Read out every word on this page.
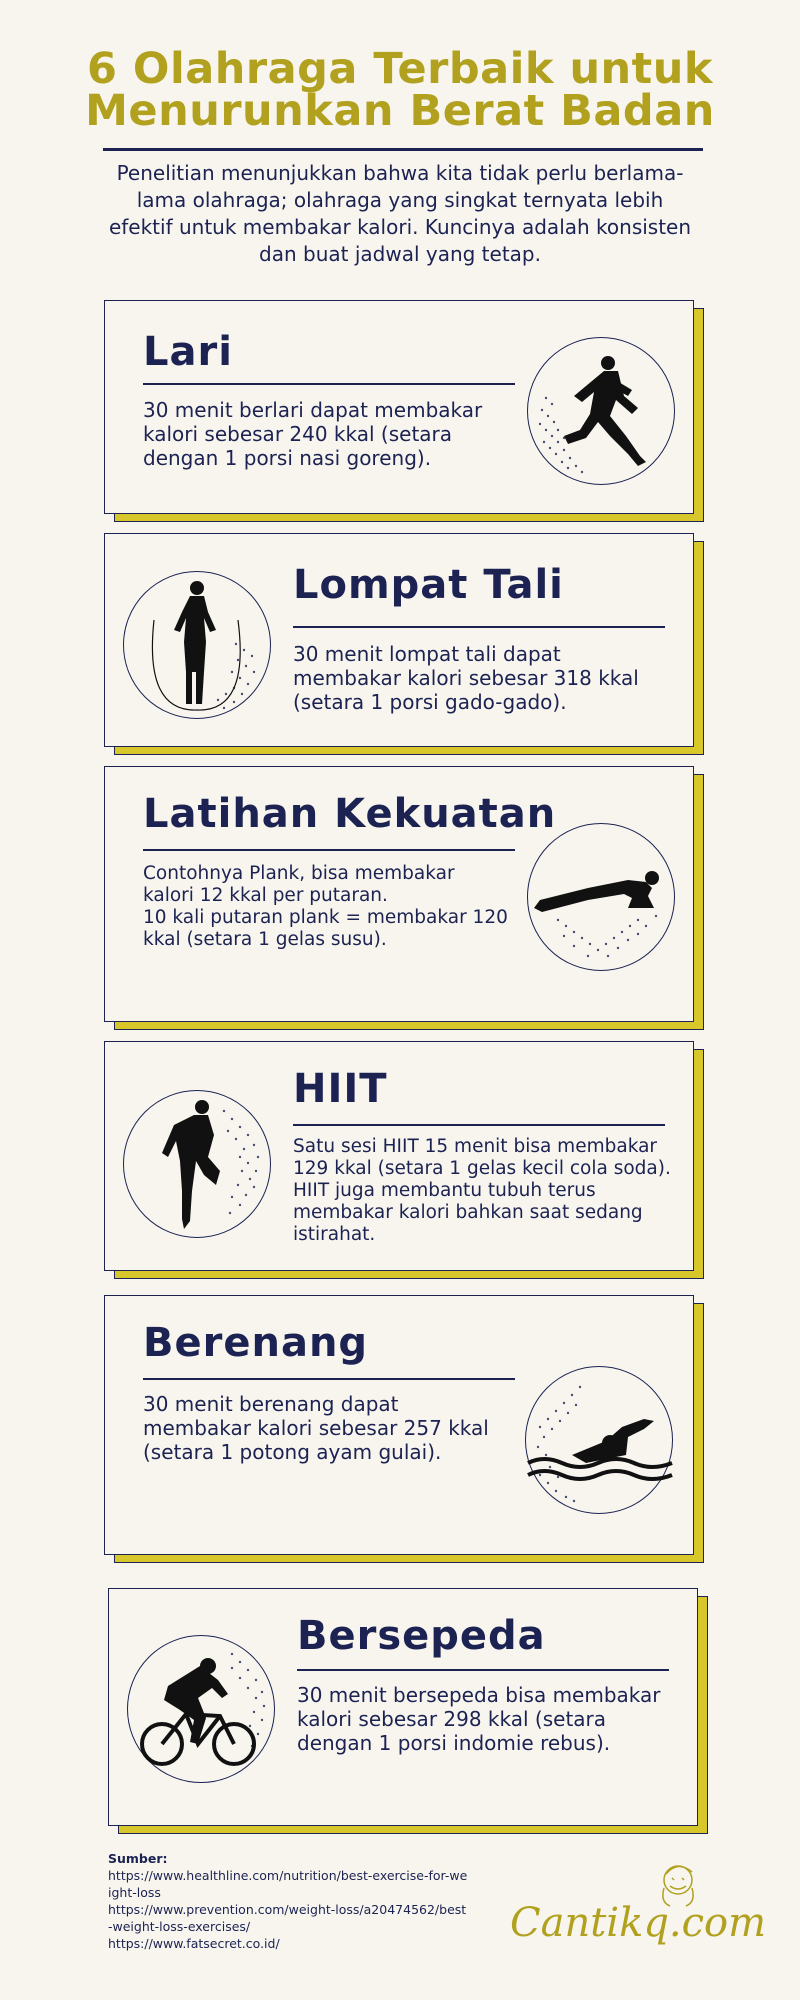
6 Olahraga Terbaik untuk
Menurunkan Berat Badan
Penelitian menunjukkan bahwa kita tidak perlu berlama-lama olahraga; olahraga yang singkat ternyata lebih efektif untuk membakar kalori. Kuncinya adalah konsisten dan buat jadwal yang tetap.
Lari

30 menit berlari dapat membakar
kalori sebesar 240 kkal (setara
dengan 1 porsi nasi goreng).

Lompat Tali

30 menit lompat tali dapat
membakar kalori sebesar 318 kkal
(setara 1 porsi gado-gado).

Latihan Kekuatan

Contohnya Plank, bisa membakar
kalori 12 kkal per putaran.
10 kali putaran plank = membakar 120
kkal (setara 1 gelas susu).

HIIT

Satu sesi HIIT 15 menit bisa membakar
129 kkal (setara 1 gelas kecil cola soda).
HIIT juga membantu tubuh terus
membakar kalori bahkan saat sedang
istirahat.

Berenang

30 menit berenang dapat
membakar kalori sebesar 257 kkal
(setara 1 potong ayam gulai).

Bersepeda

30 menit bersepeda bisa membakar
kalori sebesar 298 kkal (setara
dengan 1 porsi indomie rebus).

Sumber:
https://www.healthline.com/nutrition/best-exercise-for-weight-loss
https://www.prevention.com/weight-loss/a20474562/best-weight-loss-exercises/
https://www.fatsecret.co.id/	Cantikq.com
